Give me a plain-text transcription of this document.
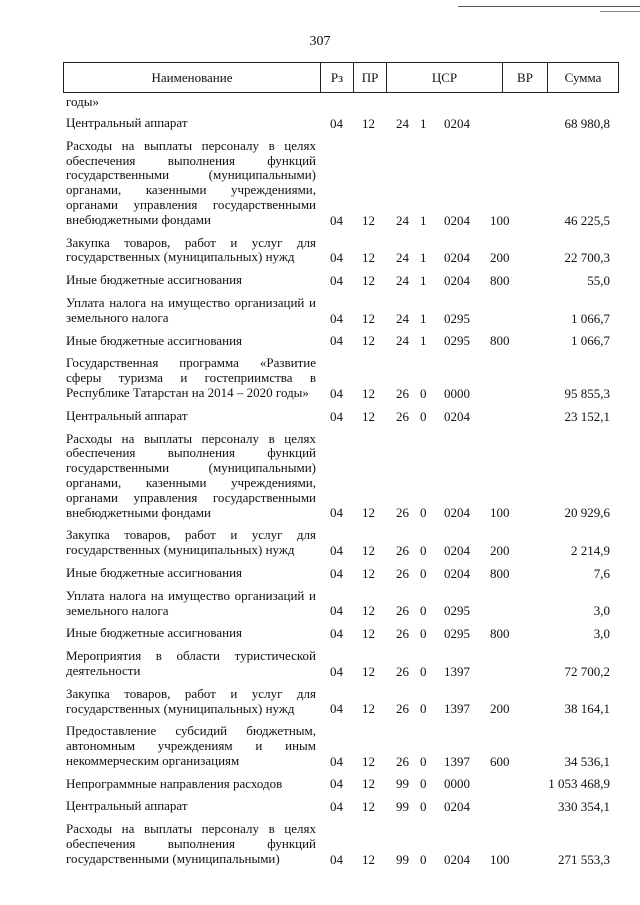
307
Наименование	Рз	ПР	ЦСР	ВР	Сумма
годы»
Центральный аппарат	04 12 24 1 0204	68 980,8
Расходы на выплаты персоналу в целях обеспечения выполнения функций государственными (муниципальными) органами, казенными учреждениями, органами управления государственными внебюджетными фондами	04 12 24 1 0204 100	46 225,5
Закупка товаров, работ и услуг для государственных (муниципальных) нужд	04 12 24 1 0204 200	22 700,3
Иные бюджетные ассигнования	04 12 24 1 0204 800	55,0
Уплата налога на имущество организаций и земельного налога	04 12 24 1 0295	1 066,7
Иные бюджетные ассигнования	04 12 24 1 0295 800	1 066,7
Государственная программа «Развитие сферы туризма и гостеприимства в Республике Татарстан на 2014 – 2020 годы»	04 12 26 0 0000	95 855,3
Центральный аппарат	04 12 26 0 0204	23 152,1
Расходы на выплаты персоналу в целях обеспечения выполнения функций государственными (муниципальными) органами, казенными учреждениями, органами управления государственными внебюджетными фондами	04 12 26 0 0204 100	20 929,6
Закупка товаров, работ и услуг для государственных (муниципальных) нужд	04 12 26 0 0204 200	2 214,9
Иные бюджетные ассигнования	04 12 26 0 0204 800	7,6
Уплата налога на имущество организаций и земельного налога	04 12 26 0 0295	3,0
Иные бюджетные ассигнования	04 12 26 0 0295 800	3,0
Мероприятия в области туристической деятельности	04 12 26 0 1397	72 700,2
Закупка товаров, работ и услуг для государственных (муниципальных) нужд	04 12 26 0 1397 200	38 164,1
Предоставление субсидий бюджетным, автономным учреждениям и иным некоммерческим организациям	04 12 26 0 1397 600	34 536,1
Непрограммные направления расходов	04 12 99 0 0000	1 053 468,9
Центральный аппарат	04 12 99 0 0204	330 354,1
Расходы на выплаты персоналу в целях обеспечения выполнения функций государственными (муниципальными)	04 12 99 0 0204 100	271 553,3
